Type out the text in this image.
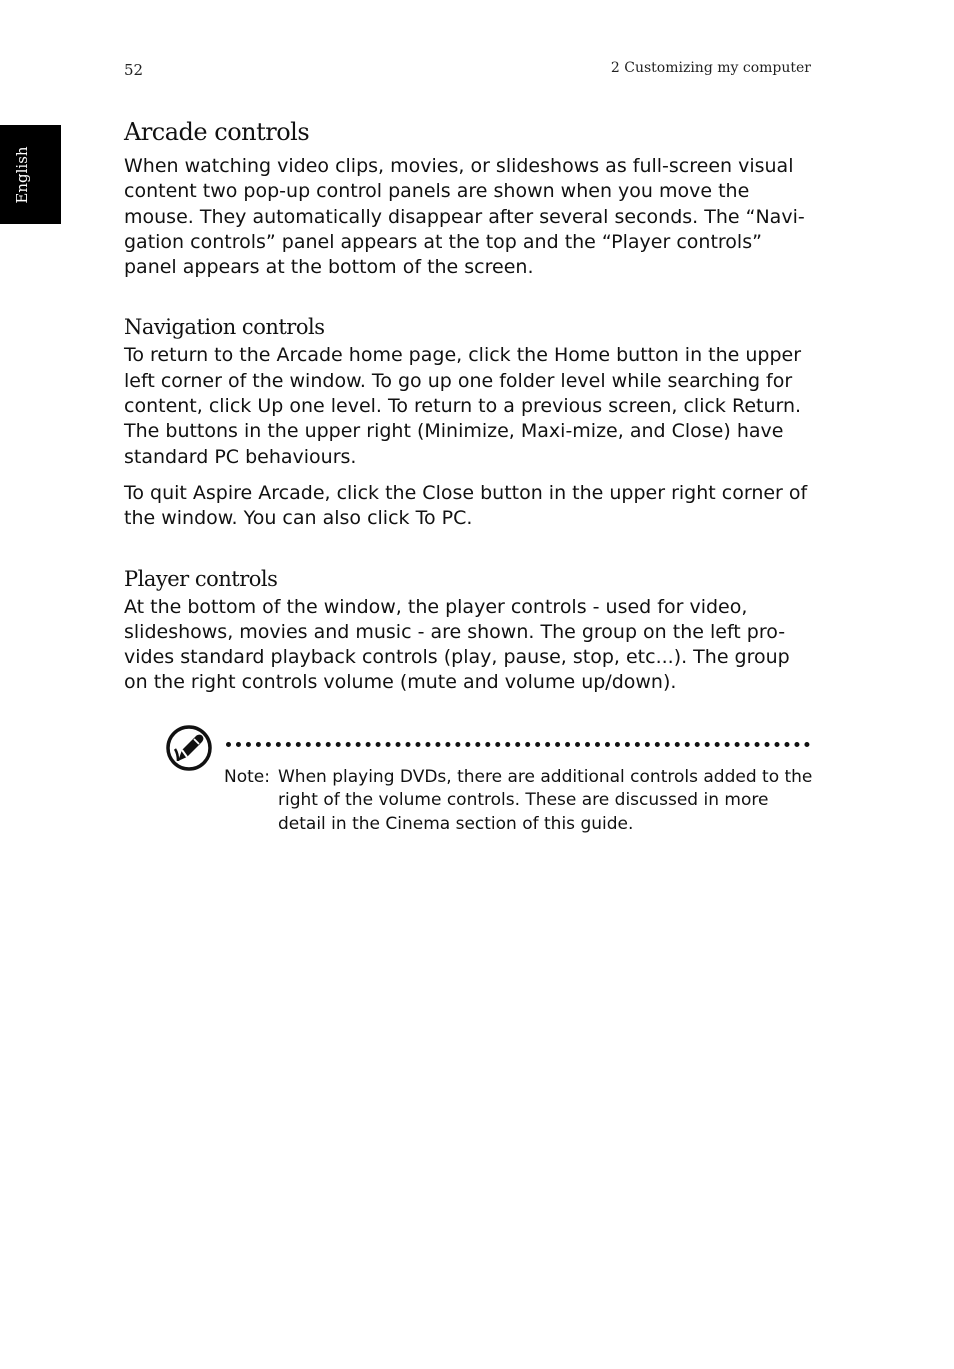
52	2 Customizing my computer
English
Arcade controls

When watching video clips, movies, or slideshows as full-screen visual content two pop-up control panels are shown when you move the mouse. They automatically disappear after several seconds. The “Navi-gation controls” panel appears at the top and the “Player controls” panel appears at the bottom of the screen.

Navigation controls

To return to the Arcade home page, click the Home button in the upper left corner of the window. To go up one folder level while searching for content, click Up one level. To return to a previous screen, click Return. The buttons in the upper right (Minimize, Maxi-mize, and Close) have standard PC behaviours.

To quit Aspire Arcade, click the Close button in the upper right corner of the window. You can also click To PC.

Player controls

At the bottom of the window, the player controls - used for video, slideshows, movies and music - are shown. The group on the left pro-vides standard playback controls (play, pause, stop, etc...). The group on the right controls volume (mute and volume up/down).

Note: When playing DVDs, there are additional controls added to the right of the volume controls. These are discussed in more detail in the Cinema section of this guide.
